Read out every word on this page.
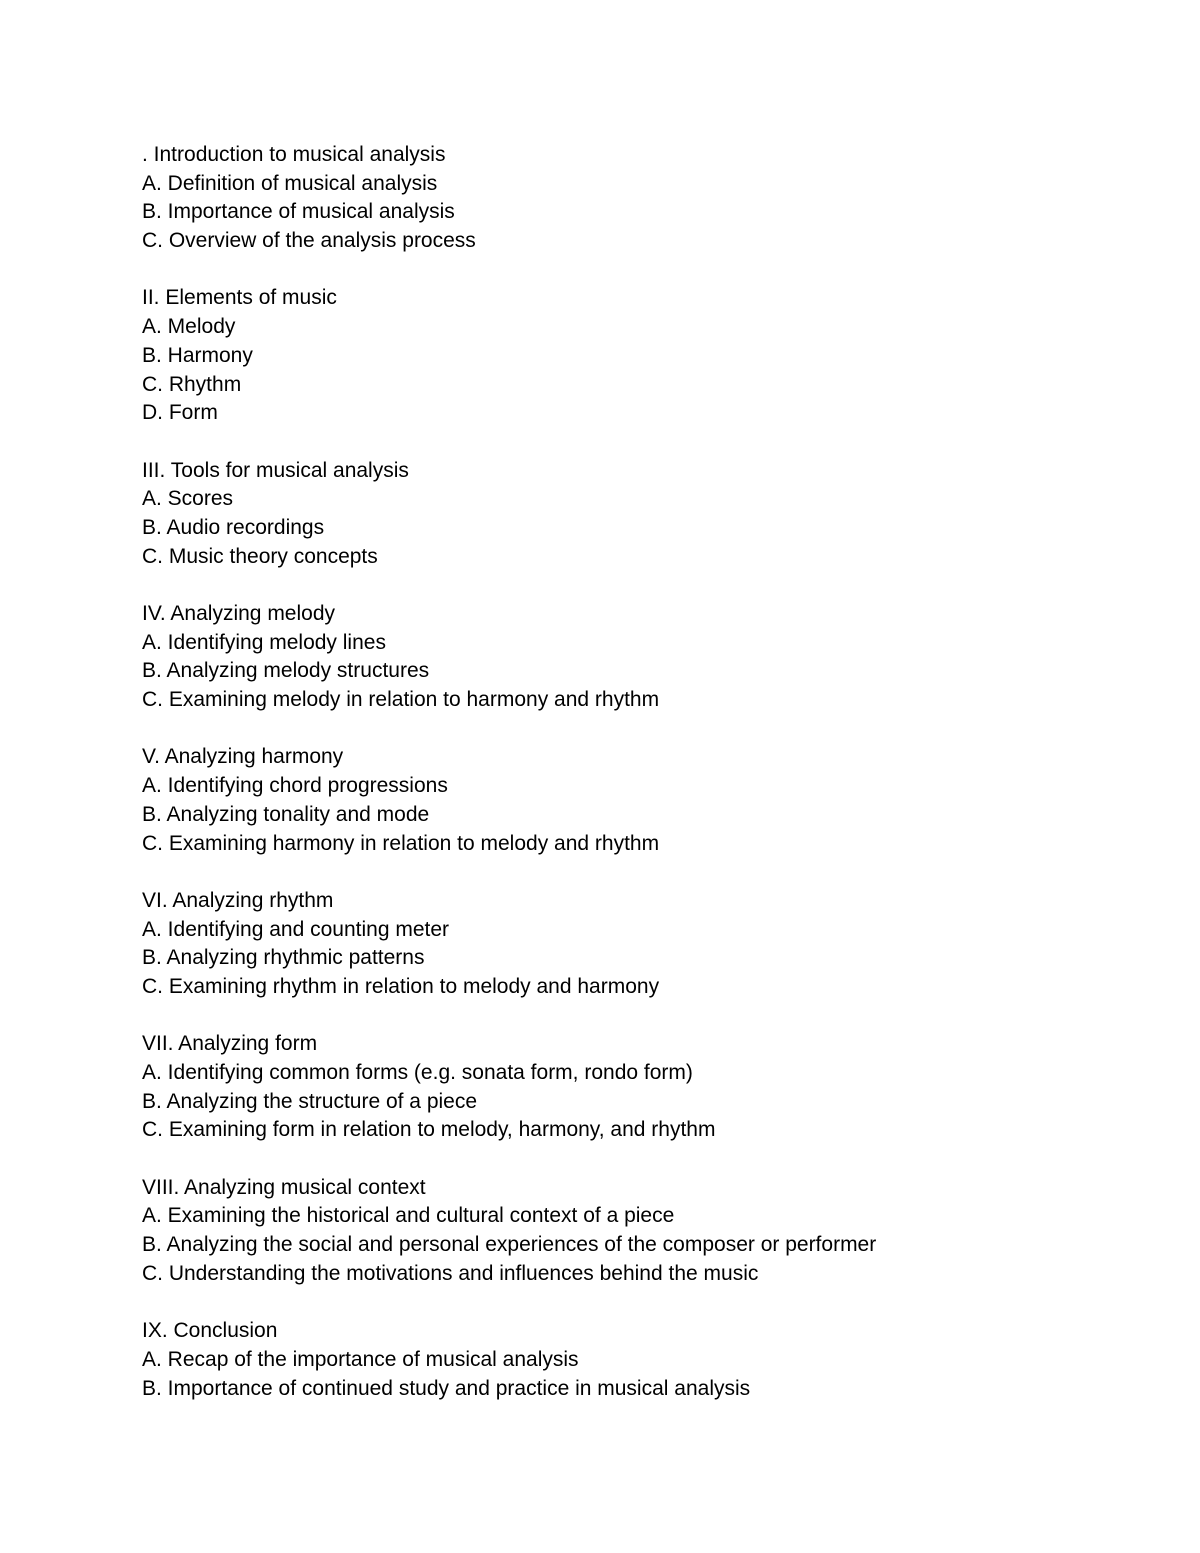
. Introduction to musical analysis
A. Definition of musical analysis
B. Importance of musical analysis
C. Overview of the analysis process
II. Elements of music
A. Melody
B. Harmony
C. Rhythm
D. Form
III. Tools for musical analysis
A. Scores
B. Audio recordings
C. Music theory concepts
IV. Analyzing melody
A. Identifying melody lines
B. Analyzing melody structures
C. Examining melody in relation to harmony and rhythm
V. Analyzing harmony
A. Identifying chord progressions
B. Analyzing tonality and mode
C. Examining harmony in relation to melody and rhythm
VI. Analyzing rhythm
A. Identifying and counting meter
B. Analyzing rhythmic patterns
C. Examining rhythm in relation to melody and harmony
VII. Analyzing form
A. Identifying common forms (e.g. sonata form, rondo form)
B. Analyzing the structure of a piece
C. Examining form in relation to melody, harmony, and rhythm
VIII. Analyzing musical context
A. Examining the historical and cultural context of a piece
B. Analyzing the social and personal experiences of the composer or performer
C. Understanding the motivations and influences behind the music
IX. Conclusion
A. Recap of the importance of musical analysis
B. Importance of continued study and practice in musical analysis
